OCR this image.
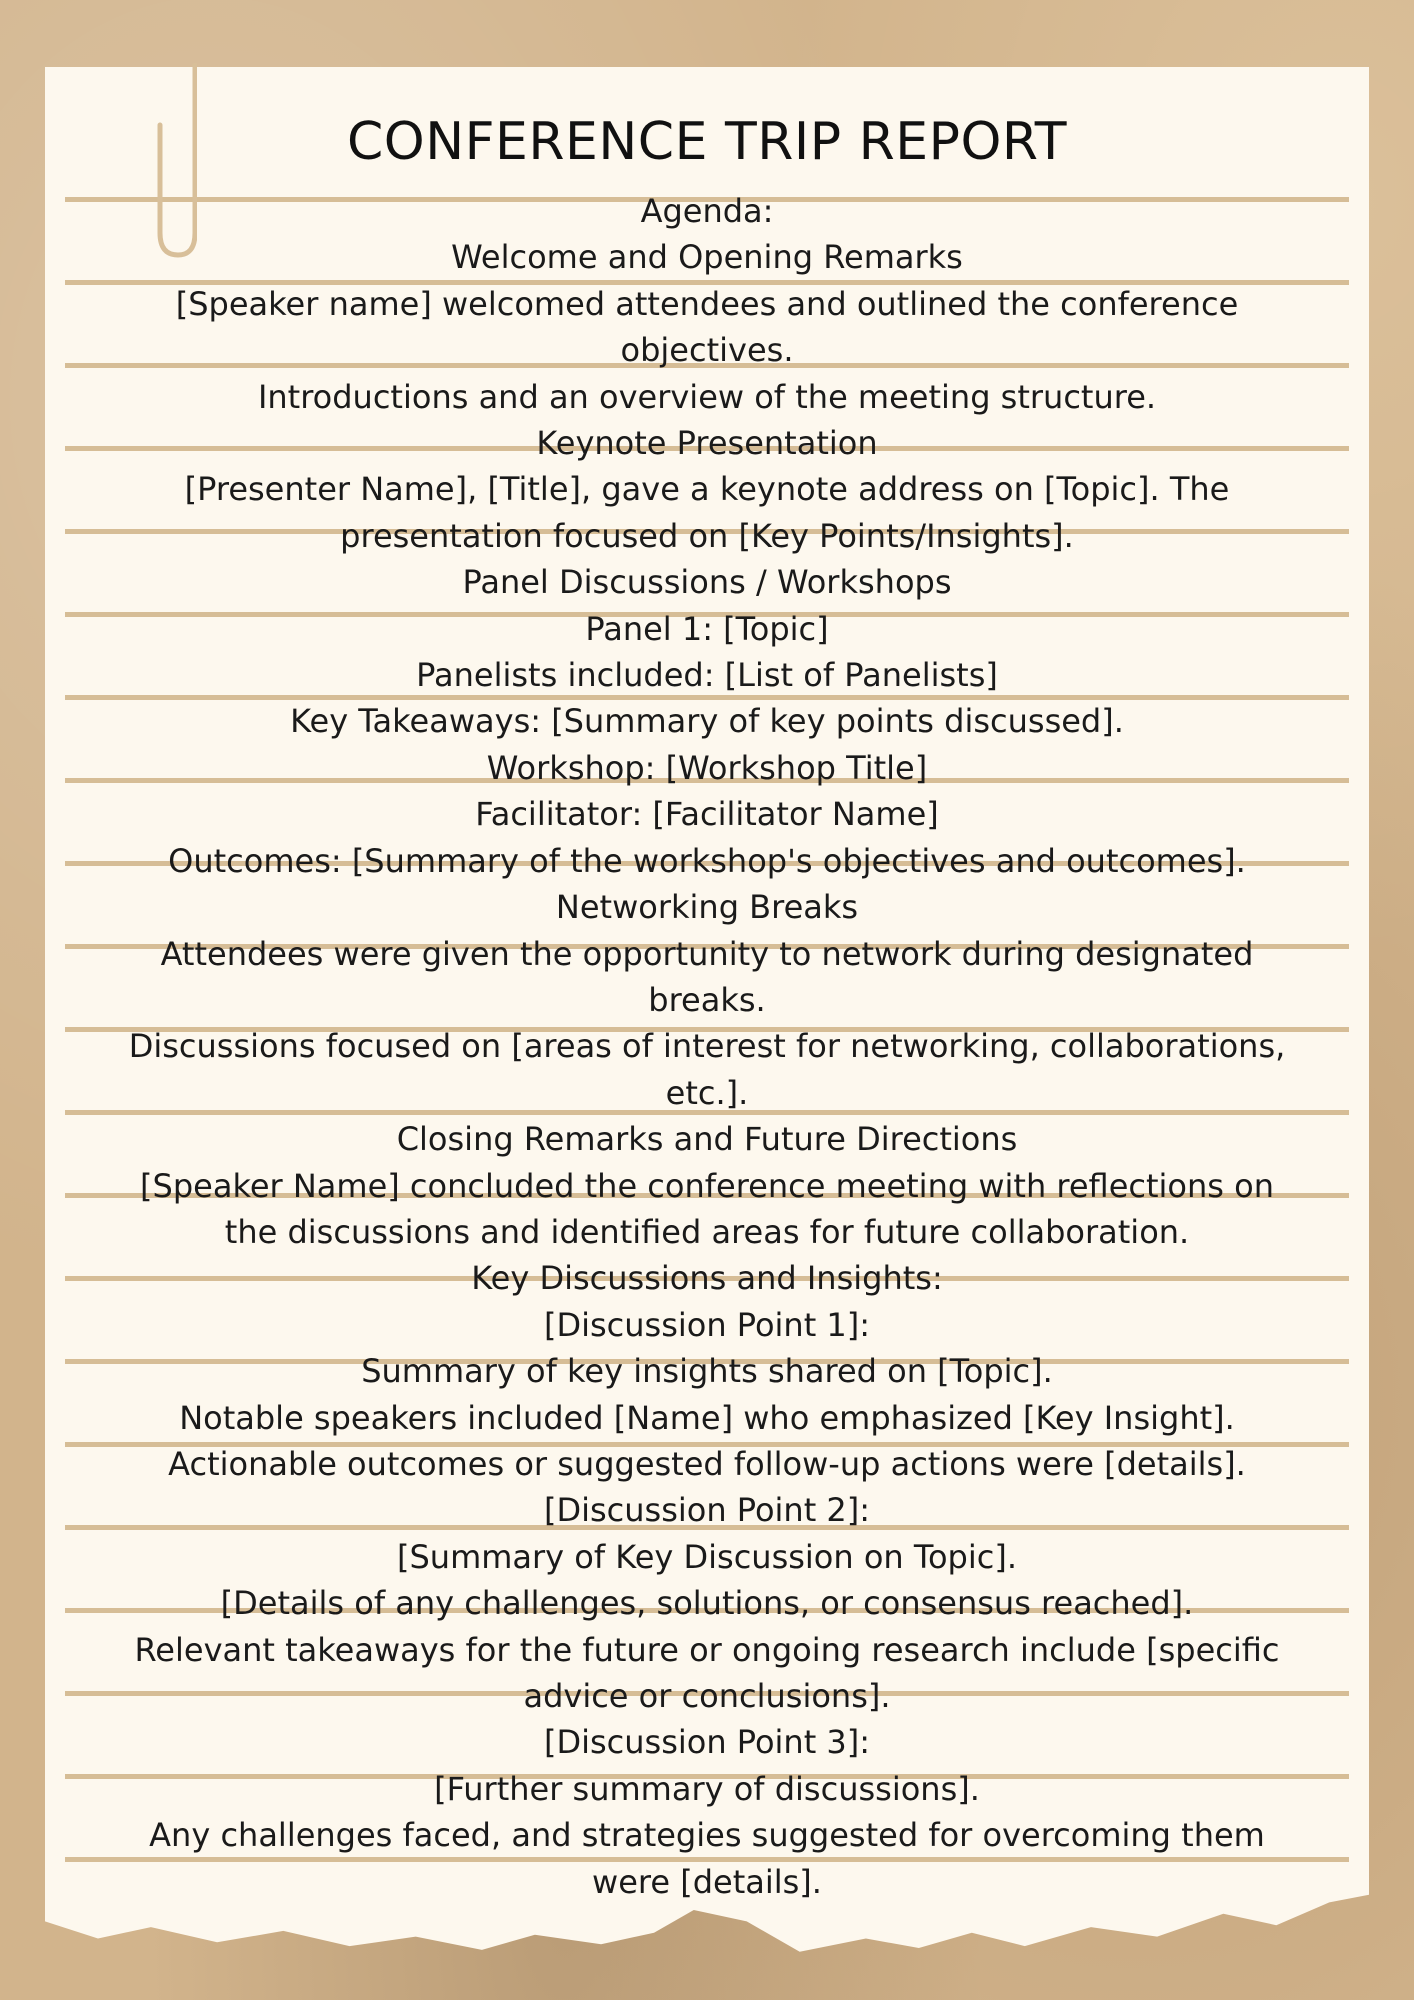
CONFERENCE TRIP REPORT
Agenda:
Welcome and Opening Remarks
[Speaker name] welcomed attendees and outlined the conference objectives.
Introductions and an overview of the meeting structure.
Keynote Presentation
[Presenter Name], [Title], gave a keynote address on [Topic]. The presentation focused on [Key Points/Insights].
Panel Discussions / Workshops
Panel 1: [Topic]
Panelists included: [List of Panelists]
Key Takeaways: [Summary of key points discussed].
Workshop: [Workshop Title]
Facilitator: [Facilitator Name]
Outcomes: [Summary of the workshop's objectives and outcomes].
Networking Breaks
Attendees were given the opportunity to network during designated breaks.
Discussions focused on [areas of interest for networking, collaborations, etc.].
Closing Remarks and Future Directions
[Speaker Name] concluded the conference meeting with reflections on the discussions and identified areas for future collaboration.
Key Discussions and Insights:
[Discussion Point 1]:
Summary of key insights shared on [Topic].
Notable speakers included [Name] who emphasized [Key Insight].
Actionable outcomes or suggested follow-up actions were [details].
[Discussion Point 2]:
[Summary of Key Discussion on Topic].
[Details of any challenges, solutions, or consensus reached].
Relevant takeaways for the future or ongoing research include [specific advice or conclusions].
[Discussion Point 3]:
[Further summary of discussions].
Any challenges faced, and strategies suggested for overcoming them were [details].
